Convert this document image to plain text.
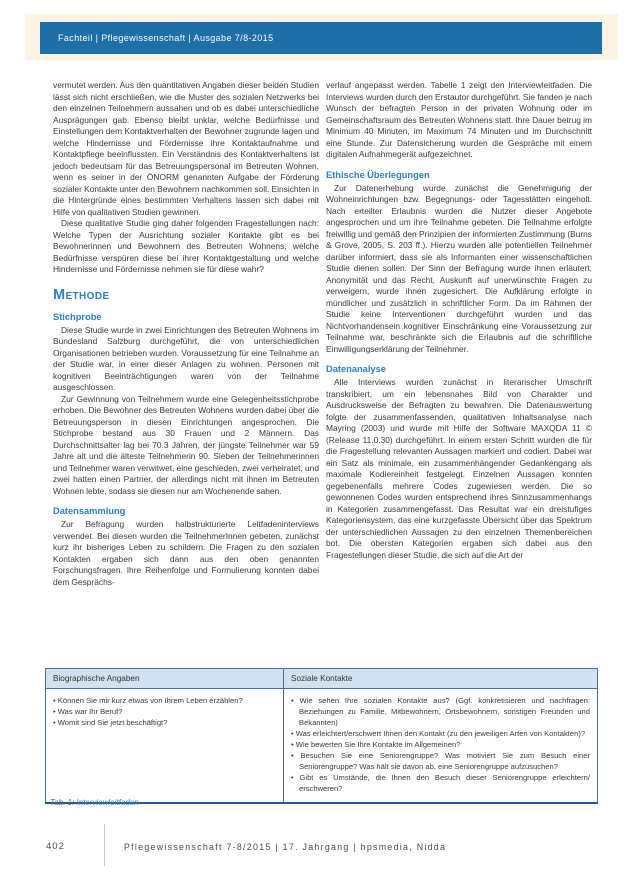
Fachteil | Pflegewissenschaft | Ausgabe 7/8-2015

vermutet werden. Aus den quantitativen Angaben dieser beiden Studien lässt sich nicht erschließen, wie die Muster des sozialen Netzwerks bei den einzelnen Teilnehmern aussahen und ob es dabei unterschiedliche Ausprägungen gab. Ebenso bleibt unklar, welche Bedürfnisse und Einstellungen dem Kontaktverhalten der Bewohner zugrunde lagen und welche Hindernisse und Fördernisse ihre Kontaktaufnahme und Kontaktpflege beeinflussten. Ein Verständnis des Kontaktverhaltens ist jedoch bedeutsam für das Betreuungspersonal im Betreuten Wohnen, wenn es seiner in der ÖNORM genannten Aufgabe der Förderung sozialer Kontakte unter den Bewohnern nachkommen soll. Einsichten in die Hintergründe eines bestimmten Verhaltens lassen sich dabei mit Hilfe von qualitativen Studien gewinnen.

Diese qualitative Studie ging daher folgenden Fragestellungen nach: Welche Typen der Ausrichtung sozialer Kontakte gibt es bei Bewohnerinnen und Bewohnern des Betreuten Wohnens, welche Bedürfnisse verspüren diese bei ihrer Kontaktgestaltung und welche Hindernisse und Fördernisse nehmen sie für diese wahr?

Methode
Stichprobe

Diese Studie wurde in zwei Einrichtungen des Betreuten Wohnens im Bundesland Salzburg durchgeführt, die von unterschiedlichen Organisationen betrieben wurden. Voraussetzung für eine Teilnahme an der Studie war, in einer dieser Anlagen zu wohnen. Personen mit kognitiven Beeinträchtigungen waren von der Teilnahme ausgeschlossen.

Zur Gewinnung von Teilnehmern wurde eine Gelegenheitsstichprobe erhoben. Die Bewohner des Betreuten Wohnens wurden dabei über die Betreuungsperson in diesen Einrichtungen angesprochen. Die Stichprobe bestand aus 30 Frauen und 2 Männern. Das Durchschnittsalter lag bei 70.3 Jahren, der jüngste Teilnehmer war 59 Jahre alt und die älteste Teilnehmerin 90. Sieben der Teilnehmerinnen und Teilnehmer waren verwitwet, eine geschieden, zwei verheiratet, und zwei hatten einen Partner, der allerdings nicht mit ihnen im Betreuten Wohnen lebte, sodass sie diesen nur am Wochenende sahen.

Datensammlung

Zur Befragung wurden halbstrukturierte Leitfadeninterviews verwendet. Bei diesen wurden die TeilnehmerInnen gebeten, zunächst kurz ihr bisheriges Leben zu schildern. Die Fragen zu den sozialen Kontakten ergaben sich dann aus den oben genannten Forschungsfragen. Ihre Reihenfolge und Formulierung konnten dabei dem Gesprächs-

verlauf angepasst werden. Tabelle 1 zeigt den Interviewleitfaden. Die Interviews wurden durch den Erstautor durchgeführt. Sie fanden je nach Wunsch der befragten Person in der privaten Wohnung oder im Gemeinschaftsraum des Betreuten Wohnens statt. Ihre Dauer betrug im Minimum 40 Minuten, im Maximum 74 Minuten und im Durchschnitt eine Stunde. Zur Datensicherung wurden die Gespräche mit einem digitalen Aufnahmegerät aufgezeichnet.

Ethische Überlegungen

Zur Datenerhebung wurde zunächst die Genehmigung der Wohneinrichtungen bzw. Begegnungs- oder Tagesstätten eingeholt. Nach erteilter Erlaubnis wurden die Nutzer dieser Angebote angesprochen und um ihre Teilnahme gebeten. Die Teilnahme erfolgte freiwillig und gemäß den Prinzipien der informierten Zustimmung (Burns & Grove, 2005, S. 203 ff.). Hierzu wurden alle potentiellen Teilnehmer darüber informiert, dass sie als Informanten einer wissenschaftlichen Studie dienen sollen. Der Sinn der Befragung wurde ihnen erläutert, Anonymität und das Recht, Auskunft auf unerwünschte Fragen zu verweigern, wurde ihnen zugesichert. Die Aufklärung erfolgte in mündlicher und zusätzlich in schriftlicher Form. Da im Rahmen der Studie keine Interventionen durchgeführt wurden und das Nichtvorhandensein kognitiver Einschränkung eine Voraussetzung zur Teilnahme war, beschränkte sich die Erlaubnis auf die schriftliche Einwilligungserklärung der Teilnehmer.

Datenanalyse

Alle Interviews wurden zunächst in literarischer Umschrift transkribiert, um ein lebensnahes Bild von Charakter und Ausdrucksweise der Befragten zu bewahren. Die Datenauswertung folgte der zusammenfassenden, qualitativen Inhaltsanalyse nach Mayring (2003) und wurde mit Hilfe der Software MAXQDA 11 © (Release 11.0.30) durchgeführt. In einem ersten Schritt wurden die für die Fragestellung relevanten Aussagen markiert und codiert. Dabei war ein Satz als minimale, ein zusammenhängender Gedankengang als maximale Kodiereinheit festgelegt. Einzelnen Aussagen konnten gegebenenfalls mehrere Codes zugewiesen werden. Die so gewonnenen Codes wurden entsprechend ihres Sinnzusammenhangs in Kategorien zusammengefasst. Das Resultat war ein dreistufiges Kategoriensystem, das eine kurzgefasste Übersicht über das Spektrum der unterschiedlichen Aussagen zu den einzelnen Themenbereichen bot. Die obersten Kategorien ergaben sich dabei aus den Fragestellungen dieser Studie, die sich auf die Art der

Biographische Angaben	Soziale Kontakte

• Können Sie mir kurz etwas von Ihrem Leben erzählen?
• Was war Ihr Beruf?
• Womit sind Sie jetzt beschäftigt?

• Wie sehen Ihre sozialen Kontakte aus? (Ggf. konkretisieren und nachfragen: Beziehungen zu Familie, Mitbewohnern, Ortsbewohnern, sonstigen Freunden und Bekannten)
• Was erleichtert/erschwert Ihnen den Kontakt (zu den jeweiligen Arten von Kontakten)?
• Wie bewerten Sie Ihre Kontakte im Allgemeinen?
• Besuchen Sie eine Seniorengruppe? Was motiviert Sie zum Besuch einer Seniorengruppe? Was hält sie davon ab, eine Seniorengruppe aufzusuchen?
• Gibt es Umstände, die Ihnen den Besuch dieser Seniorengruppe erleichtern/ erschweren?
Tab. 1: Interviewleitfaden
402	Pflegewissenschaft 7-8/2015 | 17. Jahrgang | hpsmedia, Nidda
